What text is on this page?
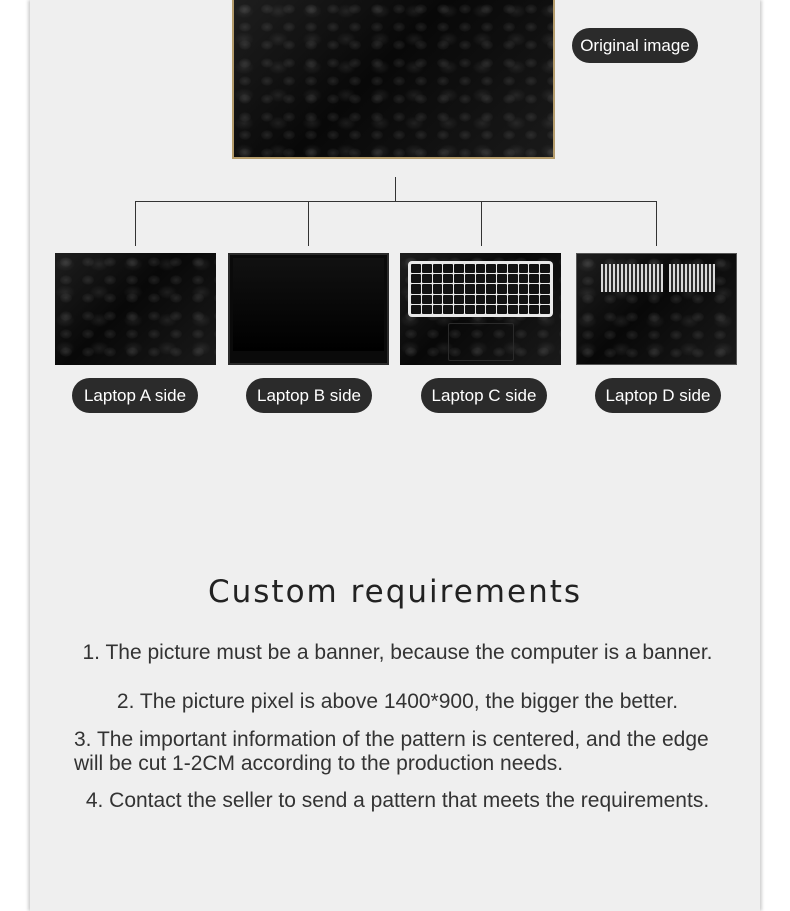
Original image
Laptop A side	Laptop B side	Laptop C side	Laptop D side
Custom requirements
1. The picture must be a banner, because the computer is a banner.
2. The picture pixel is above 1400*900, the bigger the better.
3. The important information of the pattern is centered, and the edge will be cut 1-2CM according to the production needs.
4. Contact the seller to send a pattern that meets the requirements.
